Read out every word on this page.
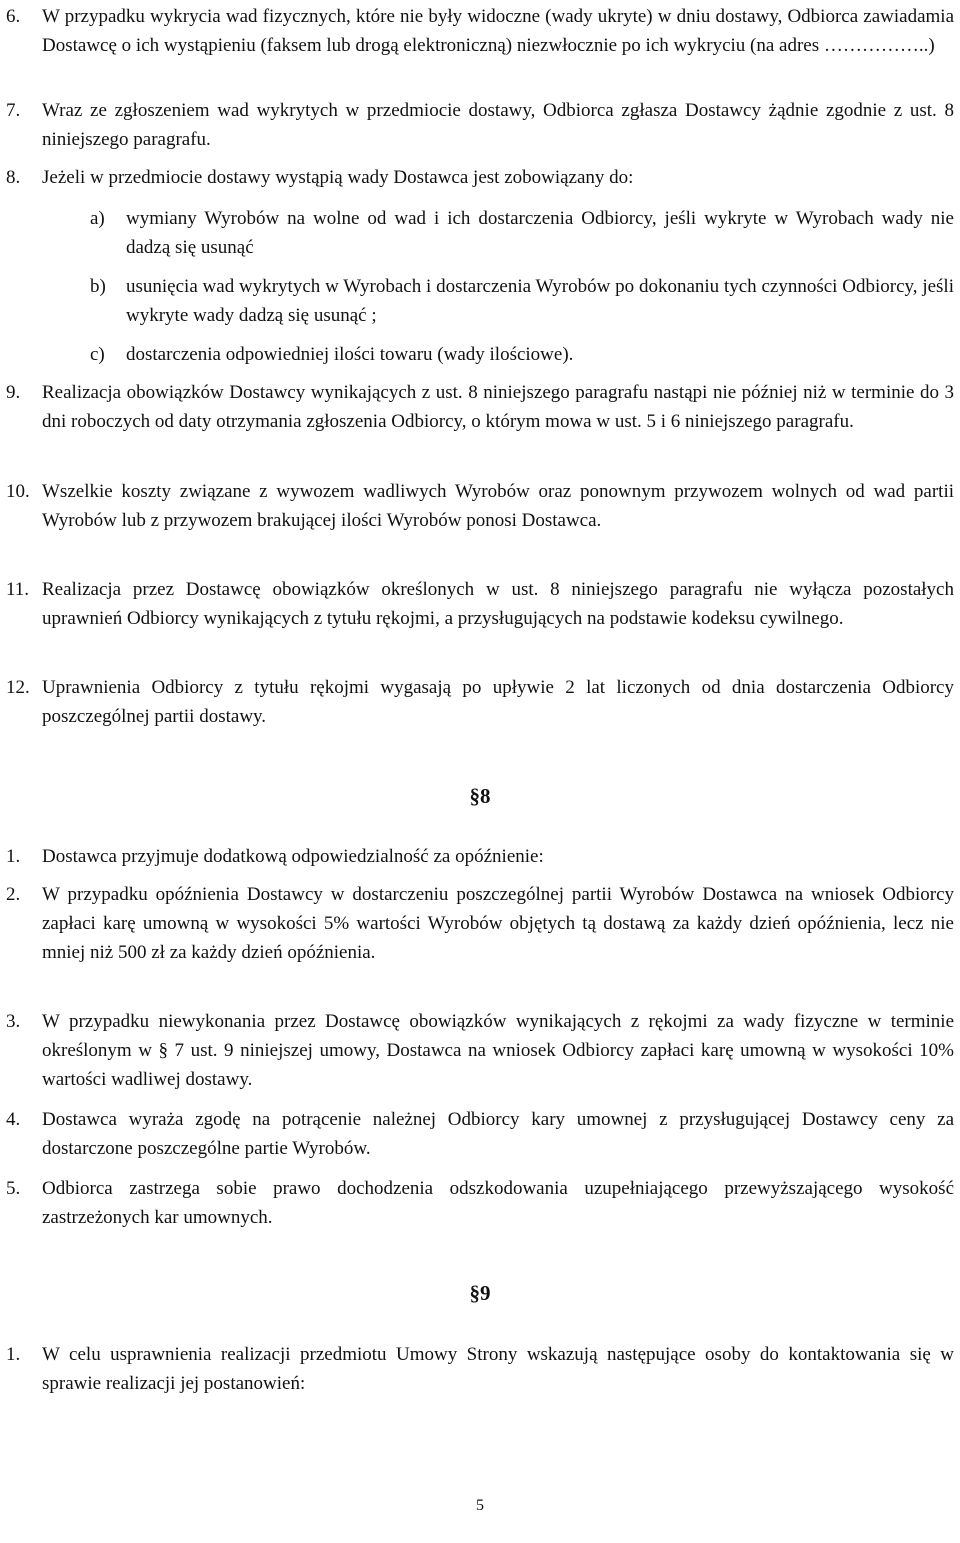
6. W przypadku wykrycia wad fizycznych, które nie były widoczne (wady ukryte) w dniu dostawy, Odbiorca zawiadamia Dostawcę o ich wystąpieniu (faksem lub drogą elektroniczną) niezwłocznie po ich wykryciu (na adres ……………..)
7. Wraz ze zgłoszeniem wad wykrytych w przedmiocie dostawy, Odbiorca zgłasza Dostawcy żądnie zgodnie z ust. 8 niniejszego paragrafu.
8. Jeżeli w przedmiocie dostawy wystąpią wady Dostawca jest zobowiązany do:
a) wymiany Wyrobów na wolne od wad i ich dostarczenia Odbiorcy, jeśli wykryte w Wyrobach wady nie dadzą się usunąć
b) usunięcia wad wykrytych w Wyrobach i dostarczenia Wyrobów po dokonaniu tych czynności Odbiorcy, jeśli wykryte wady dadzą się usunąć ;
c) dostarczenia odpowiedniej ilości towaru (wady ilościowe).
9. Realizacja obowiązków Dostawcy wynikających z ust. 8 niniejszego paragrafu nastąpi nie później niż w terminie do 3 dni roboczych od daty otrzymania zgłoszenia Odbiorcy, o którym mowa w ust. 5 i 6 niniejszego paragrafu.
10. Wszelkie koszty związane z wywozem wadliwych Wyrobów oraz ponownym przywozem wolnych od wad partii Wyrobów lub z przywozem brakującej ilości Wyrobów ponosi Dostawca.
11. Realizacja przez Dostawcę obowiązków określonych w ust. 8 niniejszego paragrafu nie wyłącza pozostałych uprawnień Odbiorcy wynikających z tytułu rękojmi, a przysługujących na podstawie kodeksu cywilnego.
12. Uprawnienia Odbiorcy z tytułu rękojmi wygasają po upływie 2 lat liczonych od dnia dostarczenia Odbiorcy poszczególnej partii dostawy.
§8
1. Dostawca przyjmuje dodatkową odpowiedzialność za opóźnienie:
2. W przypadku opóźnienia Dostawcy w dostarczeniu poszczególnej partii Wyrobów Dostawca na wniosek Odbiorcy zapłaci karę umowną w wysokości 5% wartości Wyrobów objętych tą dostawą za każdy dzień opóźnienia, lecz nie mniej niż 500 zł za każdy dzień opóźnienia.
3. W przypadku niewykonania przez Dostawcę obowiązków wynikających z rękojmi za wady fizyczne w terminie określonym w § 7 ust. 9 niniejszej umowy, Dostawca na wniosek Odbiorcy zapłaci karę umowną w wysokości 10% wartości wadliwej dostawy.
4. Dostawca wyraża zgodę na potrącenie należnej Odbiorcy kary umownej z przysługującej Dostawcy ceny za dostarczone poszczególne partie Wyrobów.
5. Odbiorca zastrzega sobie prawo dochodzenia odszkodowania uzupełniającego przewyższającego wysokość zastrzeżonych kar umownych.
§9
1. W celu usprawnienia realizacji przedmiotu Umowy Strony wskazują następujące osoby do kontaktowania się w sprawie realizacji jej postanowień:
5
